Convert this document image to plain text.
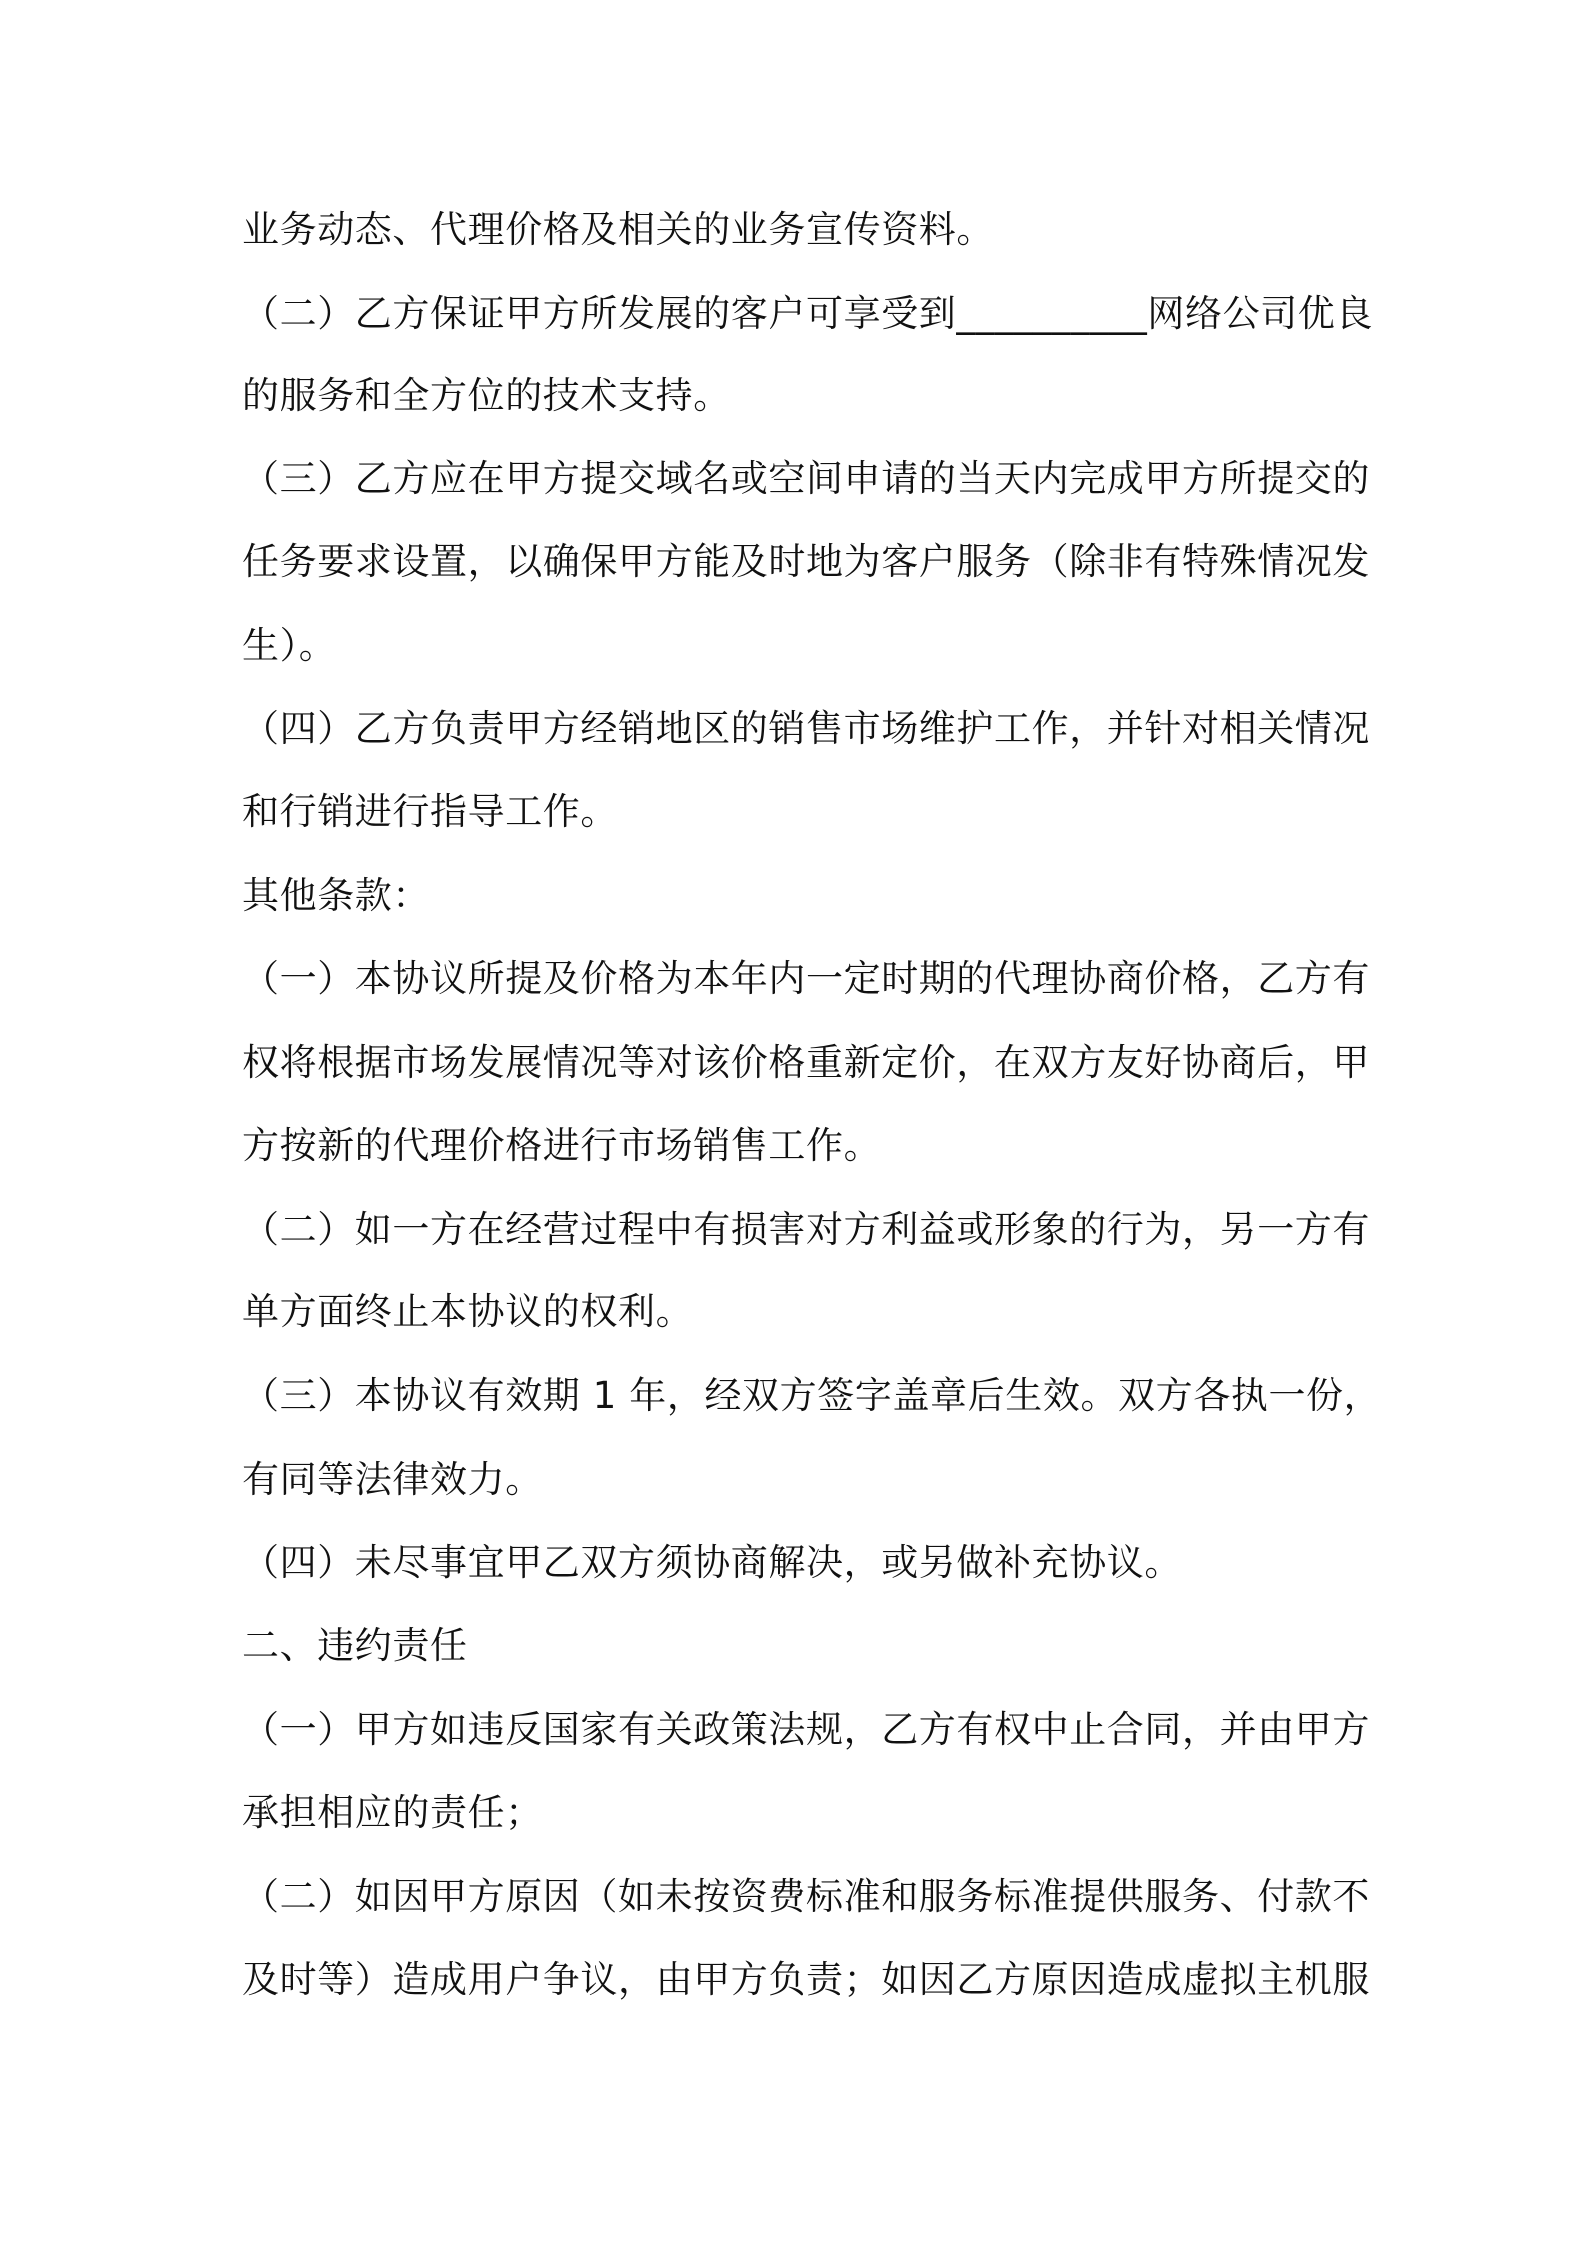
业务动态、代理价格及相关的业务宣传资料。
（二）乙方保证甲方所发展的客户可享受到__________网络公司优良
的服务和全方位的技术支持。
（三）乙方应在甲方提交域名或空间申请的当天内完成甲方所提交的
任务要求设置，以确保甲方能及时地为客户服务（除非有特殊情况发
生）。
（四）乙方负责甲方经销地区的销售市场维护工作，并针对相关情况
和行销进行指导工作。
其他条款：
（一）本协议所提及价格为本年内一定时期的代理协商价格，乙方有
权将根据市场发展情况等对该价格重新定价，在双方友好协商后，甲
方按新的代理价格进行市场销售工作。
（二）如一方在经营过程中有损害对方利益或形象的行为，另一方有
单方面终止本协议的权利。
（三）本协议有效期 1 年，经双方签字盖章后生效。双方各执一份，
有同等法律效力。
（四）未尽事宜甲乙双方须协商解决，或另做补充协议。
二、违约责任
（一）甲方如违反国家有关政策法规，乙方有权中止合同，并由甲方
承担相应的责任；
（二）如因甲方原因（如未按资费标准和服务标准提供服务、付款不
及时等）造成用户争议，由甲方负责；如因乙方原因造成虚拟主机服
